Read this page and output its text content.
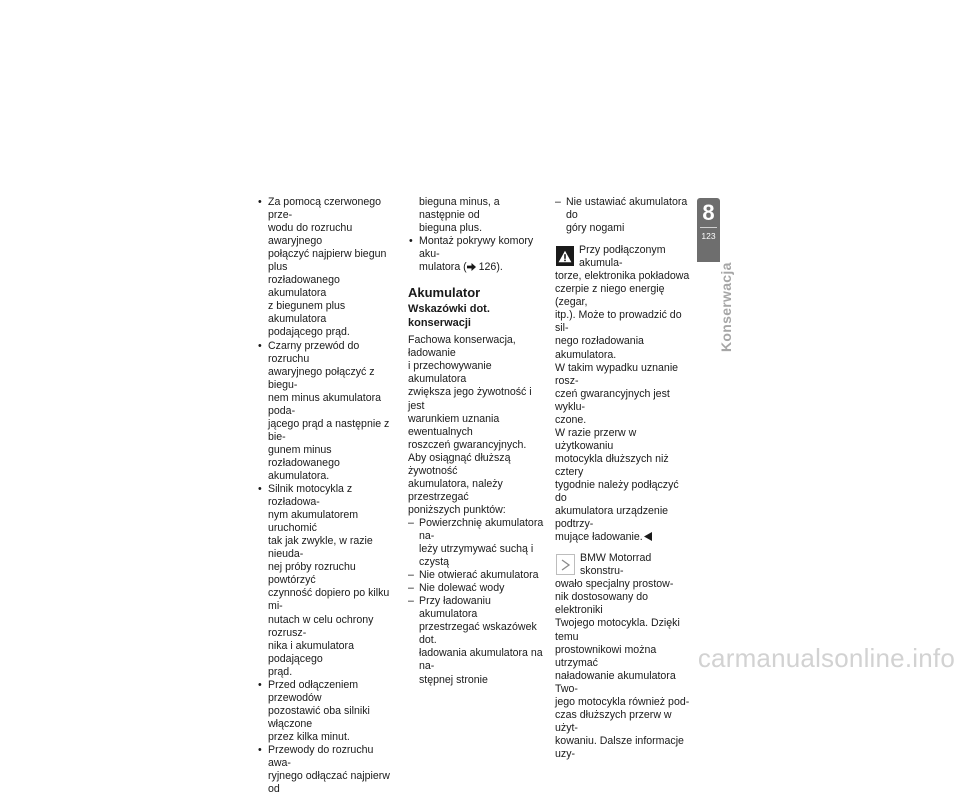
• Za pomocą czerwonego prze-
wodu do rozruchu awaryjnego
połączyć najpierw biegun plus
rozładowanego akumulatora
z biegunem plus akumulatora
podającego prąd.
• Czarny przewód do rozruchu
awaryjnego połączyć z biegu-
nem minus akumulatora poda-
jącego prąd a następnie z bie-
gunem minus rozładowanego
akumulatora.
• Silnik motocykla z rozładowa-
nym akumulatorem uruchomić
tak jak zwykle, w razie nieuda-
nej próby rozruchu powtórzyć
czynność dopiero po kilku mi-
nutach w celu ochrony rozrusz-
nika i akumulatora podającego
prąd.
• Przed odłączeniem przewodów
pozostawić oba silniki włączone
przez kilka minut.
• Przewody do rozruchu awa-
ryjnego odłączać najpierw od
bieguna minus, a następnie od
bieguna plus.
• Montaż pokrywy komory aku-
mulatora ( 126).
Akumulator
Wskazówki dot.
konserwacji

Fachowa konserwacja, ładowanie
i przechowywanie akumulatora
zwiększa jego żywotność i jest
warunkiem uznania ewentualnych
roszczeń gwarancyjnych.

Aby osiągnąć dłuższą żywotność
akumulatora, należy przestrzegać
poniższych punktów:

– Powierzchnię akumulatora na-
leży utrzymywać suchą i czystą
– Nie otwierać akumulatora
– Nie dolewać wody
– Przy ładowaniu akumulatora
przestrzegać wskazówek dot.
ładowania akumulatora na na-
stępnej stronie
– Nie ustawiać akumulatora do
góry nogami
Przy podłączonym akumula-
torze, elektronika pokładowa
czerpie z niego energię (zegar,
itp.). Może to prowadzić do sil-
nego rozładowania akumulatora.
W takim wypadku uznanie rosz-
czeń gwarancyjnych jest wyklu-
czone.
W razie przerw w użytkowaniu
motocykla dłuższych niż cztery
tygodnie należy podłączyć do
akumulatora urządzenie podtrzy-
mujące ładowanie.
BMW Motorrad skonstru-
owało specjalny prostow-
nik dostosowany do elektroniki
Twojego motocykla. Dzięki temu
prostownikowi można utrzymać
naładowanie akumulatora Two-
jego motocykla również pod-
czas dłuższych przerw w użyt-
kowaniu. Dalsze informacje uzy-
8
123
Konserwacja
carmanualsonline.info
